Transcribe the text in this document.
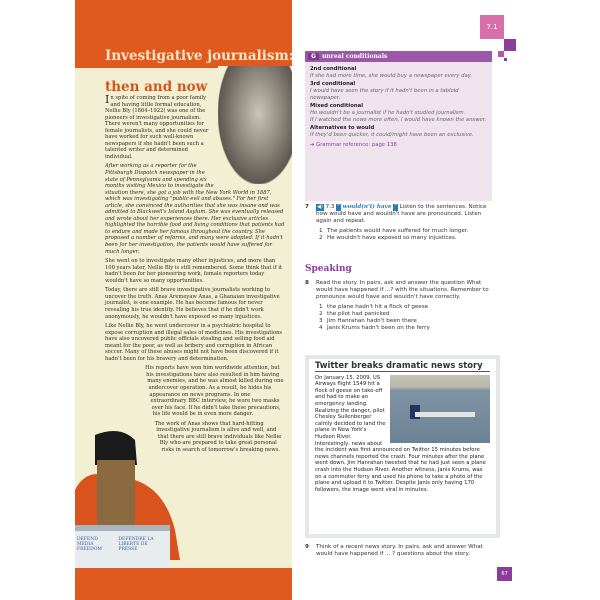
then and now

In spite of coming from a poor family and having little formal education, Nellie Bly (1864–1922) was one of the pioneers of investigative journalism. There weren't many opportunities for female journalists, and she could never have worked for such well-known newspapers if she hadn't been such a talented writer and determined individual.

After working as a reporter for the Pittsburgh Dispatch newspaper in the state of Pennsylvania and spending six months visiting Mexico to investigate the situation there, she got a job with the New York World in 1887, which was investigating "public evil and abuses." For her first article, she convinced the authorities that she was insane and was admitted to Blackwell's Island Asylum. She was eventually released and wrote about her experiences there. Her exclusive articles highlighted the horrible food and living conditions that patients had to endure and made her famous throughout the country. She proposed a number of reforms, and many were adopted. If it hadn't been for her investigation, the patients would have suffered for much longer.

She went on to investigate many other injustices, and more than 100 years later, Nellie Bly is still remembered. Some think that if it hadn't been for her pioneering work, female reporters today wouldn't have so many opportunities.

Today, there are still brave investigative journalists working to uncover the truth. Anas Aremeyaw Anas, a Ghanaian investigative journalist, is one example. He has become famous for never revealing his true identity. He believes that if he didn't work anonymously, he wouldn't have exposed so many injustices.

Like Nellie Bly, he went undercover in a psychiatric hospital to expose corruption and illegal sales of medicines. His investigations have also uncovered public officials stealing and selling food aid meant for the poor, as well as bribery and corruption in African soccer. Many of these abuses might not have been discovered if it hadn't been for his bravery and determination.

His reports have won him worldwide attention, but his investigations have also resulted in him having many enemies, and he was almost killed during one undercover operation. As a result, he hides his appearance on news programs. In one extraordinary BBC interview, he wore two masks over his face. If he didn't take these precautions, his life would be in even more danger.

The work of Anas shows that hard-hitting investigative journalism is alive and well, and that there are still brave individuals like Nellie Bly who are prepared to take great personal risks in search of tomorrow's breaking news.

Investigative journalism:
DEFEND MEDIA FREEDOM
DEFENDRE LA LIBERTE DE PRESSE
7.1
G unreal conditionals
2nd conditional
If she had more time, she would buy a newspaper every day.
3rd conditional
I would have seen the story if it hadn't been in a tabloid newspaper.
Mixed conditional
He wouldn't be a journalist if he hadn't studied journalism.
If I watched the news more often, I would have known the answer.
Alternatives to would
If they'd been quicker, it could/might have been an exclusive.
➔ Grammar reference: page 138
7 ◀) 7.3 “ would(n't) have ” Listen to the sentences. Notice how would have and wouldn't have are pronounced. Listen again and repeat.
1 The patients would have suffered for much longer.
2 He wouldn't have exposed so many injustices.
Speaking
8 Read the story. In pairs, ask and answer the question What would have happened if ...? with the situations. Remember to pronounce would have and wouldn't have correctly.
1 the plane hadn't hit a flock of geese
2 the pilot had panicked
3 Jim Hanrahan hadn't been there
4 Janis Krums hadn't been on the ferry
Twitter breaks dramatic news story
On January 15, 2009, US Airways flight 1549 hit a flock of geese on take-off and had to make an emergency landing. Realizing the danger, pilot Chesley Sullenberger calmly decided to land the plane in New York's Hudson River. Interestingly, news about the incident was first announced on Twitter 15 minutes before news channels reported the crash. Four minutes after the plane went down, Jim Hanrahan tweeted that he had just seen a plane crash into the Hudson River. Another witness, Janis Krums, was on a commuter ferry and used his phone to take a photo of the plane and upload it to Twitter. Despite Janis only having 170 followers, the image went viral in minutes.
9 Think of a recent news story. In pairs, ask and answer What would have happened if ... ? questions about the story.
67
